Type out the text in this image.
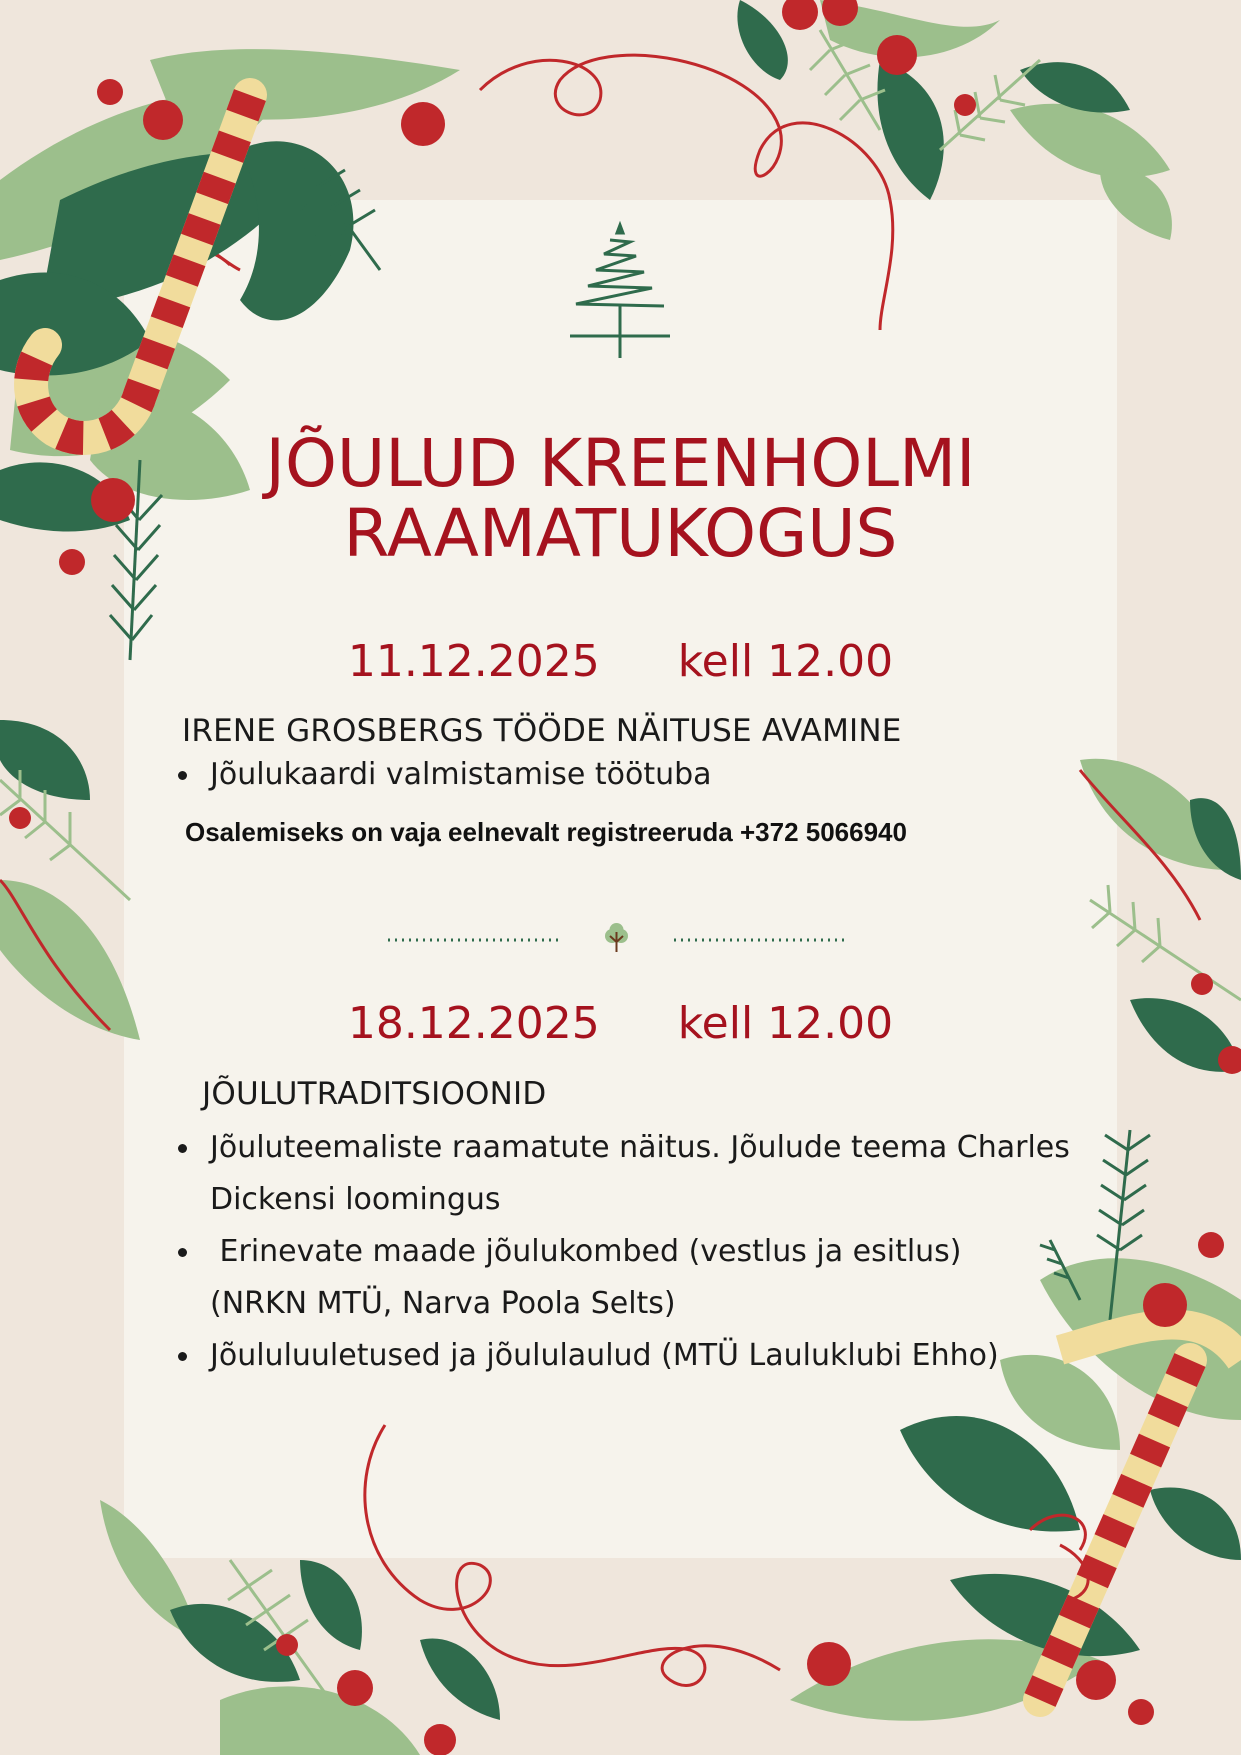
JÕULUD KREENHOLMI
RAAMATUKOGUS
11.12.2025 kell 12.00
IRENE GROSBERGS TÖÖDE NÄITUSE AVAMINE
Jõulukaardi valmistamise töötuba
Osalemiseks on vaja eelnevalt registreeruda +372 5066940
18.12.2025 kell 12.00
JÕULUTRADITSIOONID
Jõuluteemaliste raamatute näitus. Jõulude teema Charles
Dickensi loomingus
Erinevate maade jõulukombed (vestlus ja esitlus)
(NRKN MTÜ, Narva Poola Selts)
Jõululuuletused ja jõululaulud (MTÜ Lauluklubi Ehho)
